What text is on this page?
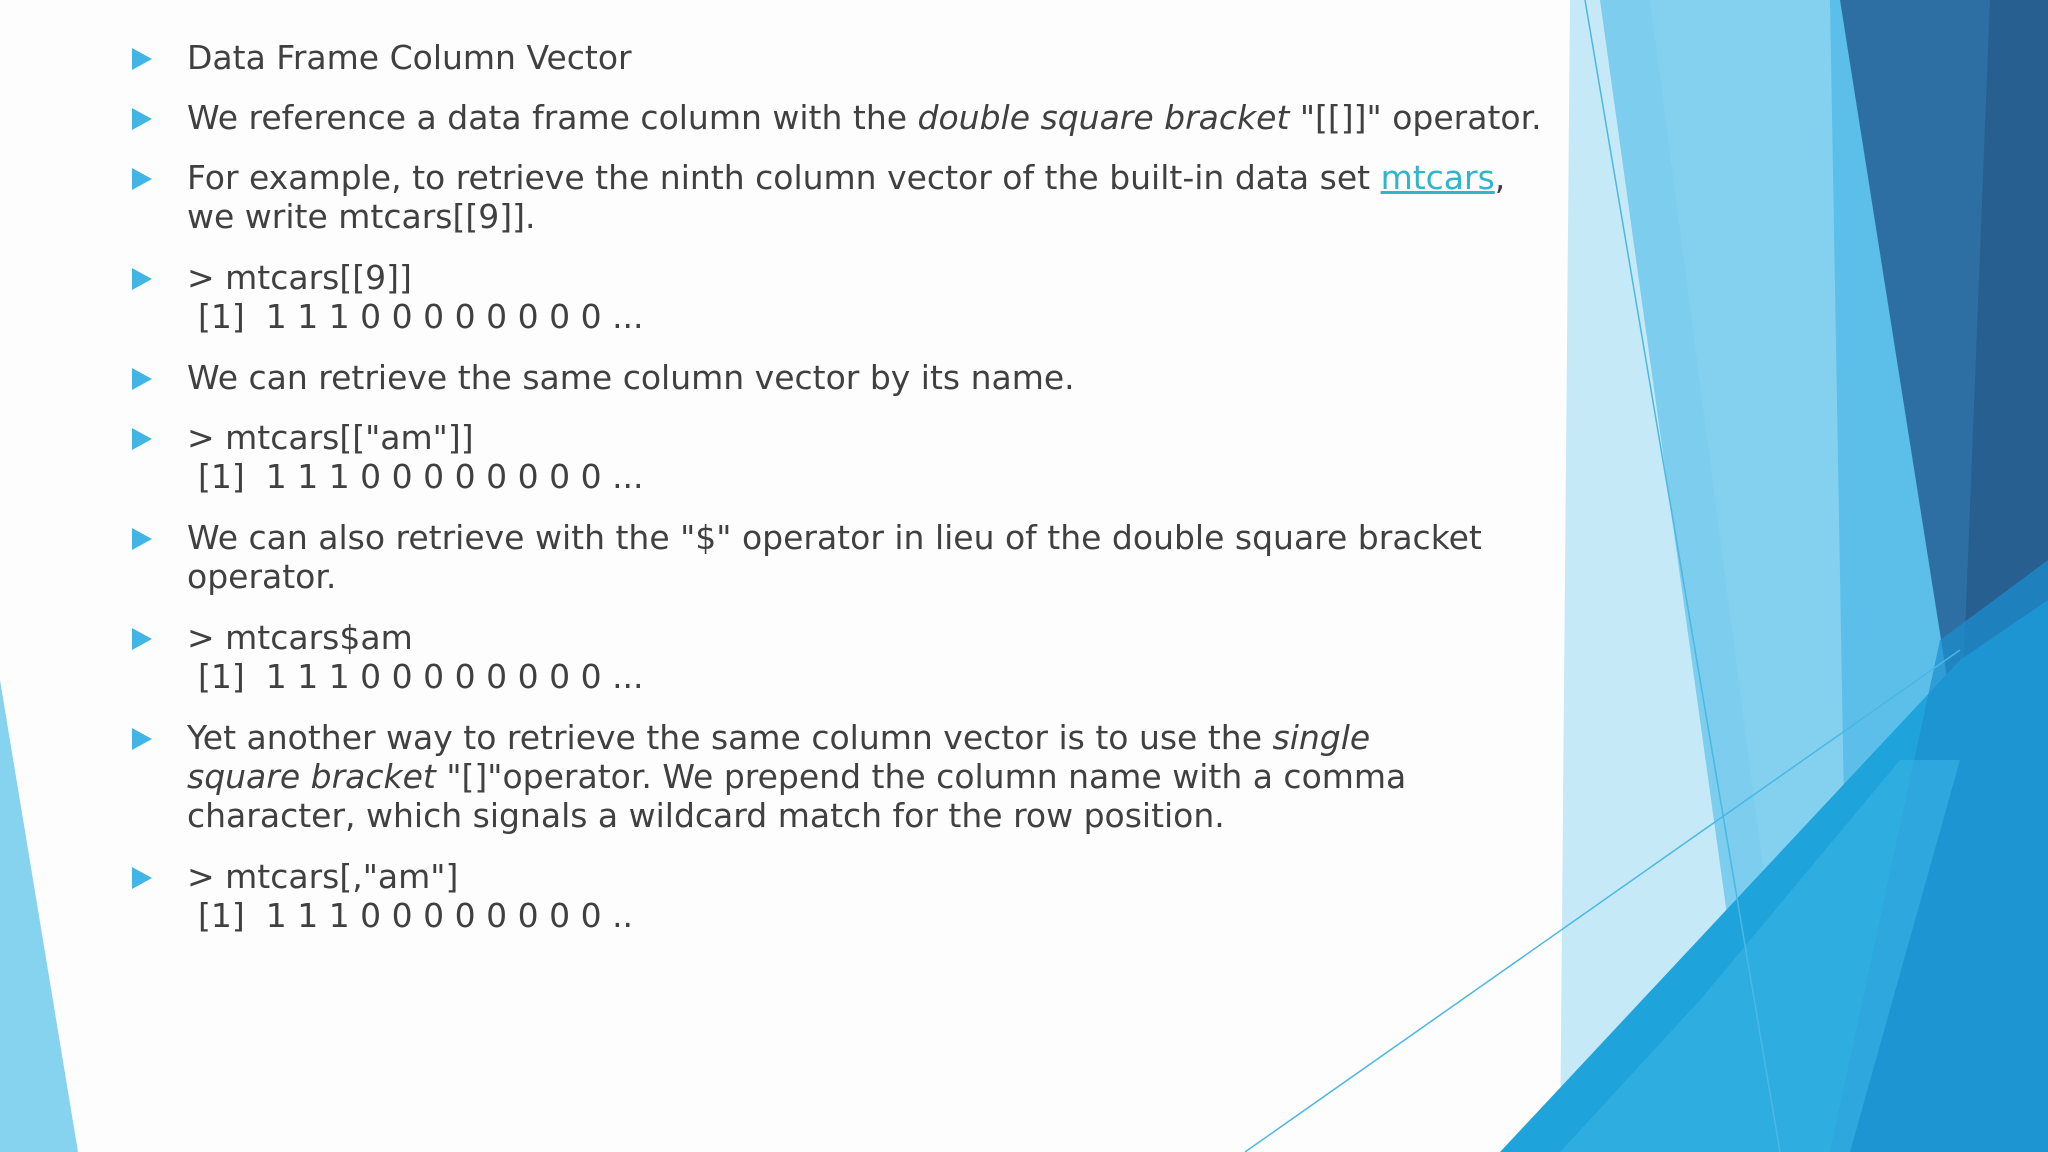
Data Frame Column Vector
We reference a data frame column with the double square bracket "[[]]" operator.
For example, to retrieve the ninth column vector of the built-in data set mtcars,
we write mtcars[[9]].
> mtcars[[9]]
[1]  1 1 1 0 0 0 0 0 0 0 0 ...
We can retrieve the same column vector by its name.
> mtcars[["am"]]
[1]  1 1 1 0 0 0 0 0 0 0 0 ...
We can also retrieve with the "$" operator in lieu of the double square bracket
operator.
> mtcars$am
[1]  1 1 1 0 0 0 0 0 0 0 0 ...
Yet another way to retrieve the same column vector is to use the single
square bracket "[]"operator. We prepend the column name with a comma
character, which signals a wildcard match for the row position.
> mtcars[,"am"]
[1]  1 1 1 0 0 0 0 0 0 0 0 ..
